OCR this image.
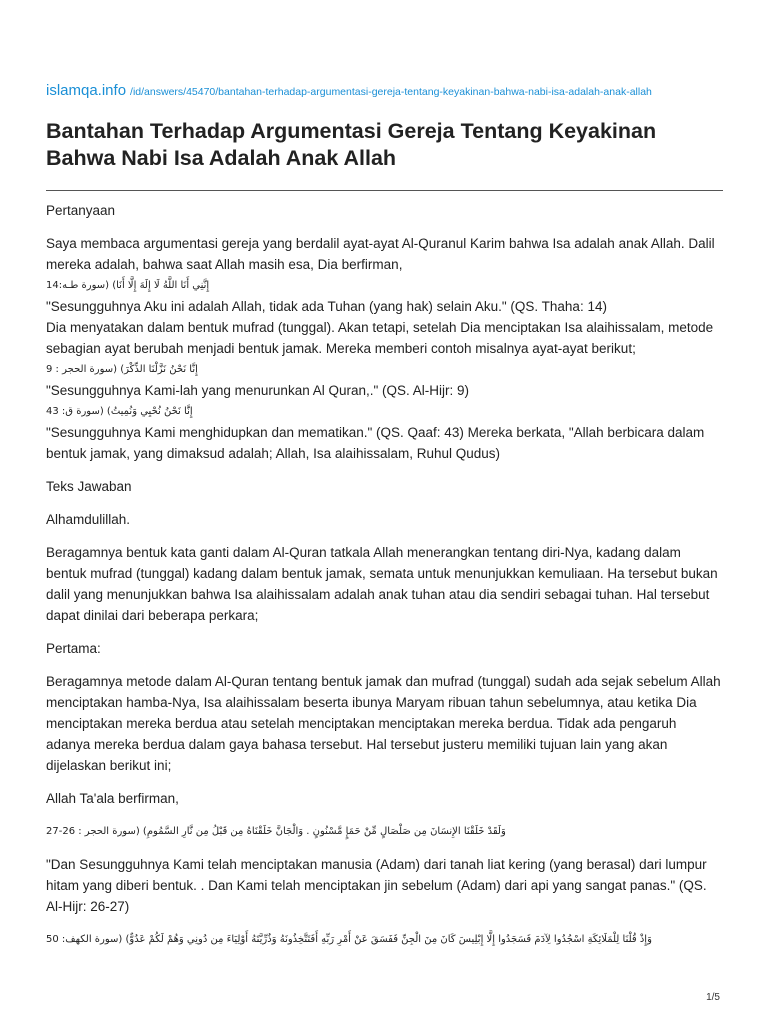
islamqa.info /id/answers/45470/bantahan-terhadap-argumentasi-gereja-tentang-keyakinan-bahwa-nabi-isa-adalah-anak-allah
Bantahan Terhadap Argumentasi Gereja Tentang Keyakinan Bahwa Nabi Isa Adalah Anak Allah

Pertanyaan

Saya membaca argumentasi gereja yang berdalil ayat-ayat Al-Quranul Karim bahwa Isa adalah anak Allah. Dalil mereka adalah, bahwa saat Allah masih esa, Dia berfirman,

إِنَّنِي أَنَا اللَّهُ لَا إِلَهَ إِلَّا أَنَا) (سورة طـه:14

"Sesungguhnya Aku ini adalah Allah, tidak ada Tuhan (yang hak) selain Aku." (QS. Thaha: 14)

Dia menyatakan dalam bentuk mufrad (tunggal). Akan tetapi, setelah Dia menciptakan Isa alaihissalam, metode sebagian ayat berubah menjadi bentuk jamak. Mereka memberi contoh misalnya ayat-ayat berikut;

إِنَّا نَحْنُ نَزَّلْنَا الذِّكْرَ) (سورة الحجر : 9

"Sesungguhnya Kami-lah yang menurunkan Al Quran,." (QS. Al-Hijr: 9)

إِنَّا نَحْنُ نُحْيِي وَنُمِيتُ) (سورة ق: 43

"Sesungguhnya Kami menghidupkan dan mematikan." (QS. Qaaf: 43) Mereka berkata, "Allah berbicara dalam bentuk jamak, yang dimaksud adalah; Allah, Isa alaihissalam, Ruhul Qudus)

Teks Jawaban

Alhamdulillah.

Beragamnya bentuk kata ganti dalam Al-Quran tatkala Allah menerangkan tentang diri-Nya, kadang dalam bentuk mufrad (tunggal) kadang dalam bentuk jamak, semata untuk menunjukkan kemuliaan. Ha tersebut bukan dalil yang menunjukkan bahwa Isa alaihissalam adalah anak tuhan atau dia sendiri sebagai tuhan. Hal tersebut dapat dinilai dari beberapa perkara;

Pertama:

Beragamnya metode dalam Al-Quran tentang bentuk jamak dan mufrad (tunggal) sudah ada sejak sebelum Allah menciptakan hamba-Nya, Isa alaihissalam beserta ibunya Maryam ribuan tahun sebelumnya, atau ketika Dia menciptakan mereka berdua atau setelah menciptakan menciptakan mereka berdua. Tidak ada pengaruh adanya mereka berdua dalam gaya bahasa tersebut. Hal tersebut justeru memiliki tujuan lain yang akan dijelaskan berikut ini;

Allah Ta'ala berfirman,

وَلَقَدْ خَلَقْنَا الإِنسَانَ مِن صَلْصَالٍ مِّنْ حَمَإٍ مَّسْنُونٍ . وَالْجَانَّ خَلَقْنَاهُ مِن قَبْلُ مِن نَّارِ السَّمُومِ) (سورة الحجر : 26-27

"Dan Sesungguhnya Kami telah menciptakan manusia (Adam) dari tanah liat kering (yang berasal) dari lumpur hitam yang diberi bentuk. . Dan Kami telah menciptakan jin sebelum (Adam) dari api yang sangat panas." (QS. Al-Hijr: 26-27)

وَإِذْ قُلْنَا لِلْمَلَائِكَةِ اسْجُدُوا لِآدَمَ فَسَجَدُوا إِلَّا إِبْلِيسَ كَانَ مِنَ الْجِنِّ فَفَسَقَ عَنْ أَمْرِ رَبِّهِ أَفَتَتَّخِذُونَهُ وَذُرِّيَّتَهُ أَوْلِيَاءَ مِن دُونِي وَهُمْ لَكُمْ عَدُوٌّ) (سورة الكهف: 50
1/5
